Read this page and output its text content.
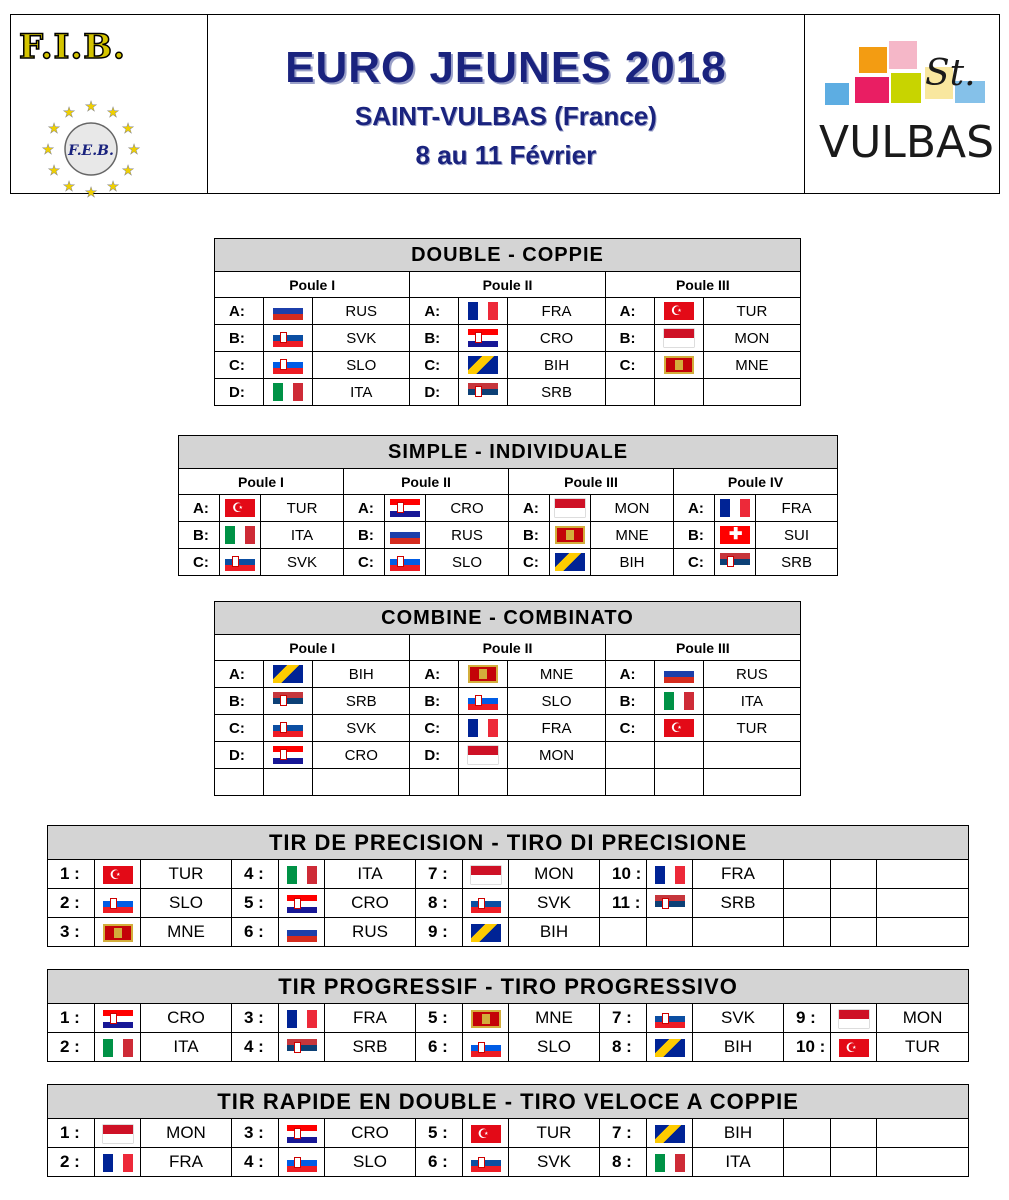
F.I.B.
F.E.B.
★ ★
★
★
★
★
★
★
★
★
★
★
EURO JEUNES 2018
SAINT-VULBAS (France)
8 au 11 Février
St.
VULBAS
DOUBLE - COPPIE								
Poule I			Poule II			Poule III		
A:		RUS	A:		FRA	A:	☪	TUR
B:		SVK	B:		CRO	B:		MON
C:		SLO	C:		BIH	C:		MNE
D:		ITA	D:		SRB			
SIMPLE - INDIVIDUALE											
Poule I			Poule II			Poule III			Poule IV		
A:	☪	TUR	A:		CRO	A:		MON	A:		FRA
B:		ITA	B:		RUS	B:		MNE	B:	✚	SUI
C:		SVK	C:		SLO	C:		BIH	C:		SRB
COMBINE - COMBINATO								
Poule I			Poule II			Poule III		
A:		BIH	A:		MNE	A:		RUS
B:		SRB	B:		SLO	B:		ITA
C:		SVK	C:		FRA	C:	☪	TUR
D:		CRO	D:		MON			

TIR DE PRECISION - TIRO DI PRECISIONE														
1 :	☪	TUR	4 :		ITA	7 :		MON	10 :		FRA			
2 :		SLO	5 :		CRO	8 :		SVK	11 :		SRB			
3 :		MNE	6 :		RUS	9 :		BIH						
TIR PROGRESSIF - TIRO PROGRESSIVO														
1 :		CRO	3 :		FRA	5 :		MNE	7 :		SVK	9 :		MON
2 :		ITA	4 :		SRB	6 :		SLO	8 :		BIH	10 :	☪	TUR
TIR RAPIDE EN DOUBLE - TIRO VELOCE A COPPIE														
1 :		MON	3 :		CRO	5 :	☪	TUR	7 :		BIH			
2 :		FRA	4 :		SLO	6 :		SVK	8 :		ITA			
